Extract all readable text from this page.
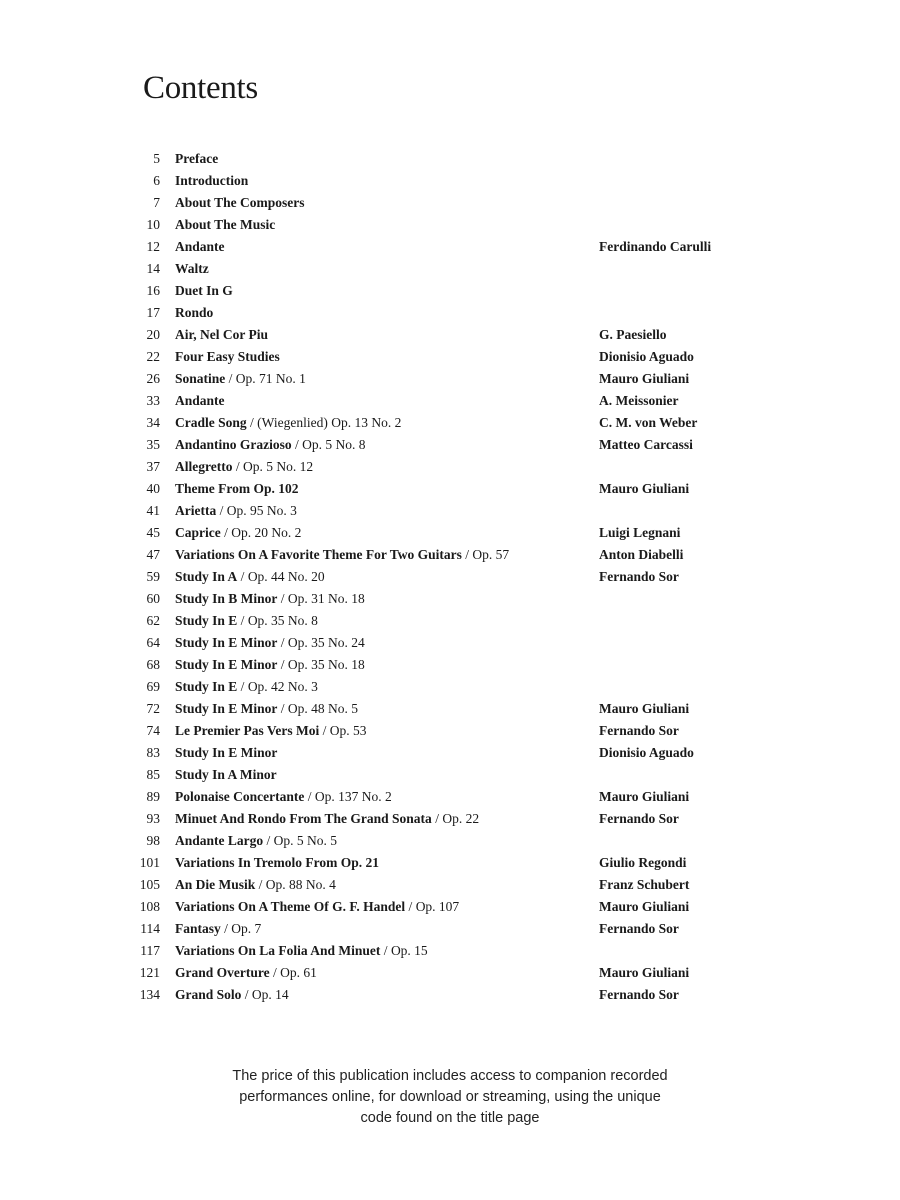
Contents
5 Preface
6 Introduction
7 About The Composers
10 About The Music
12 Andante	Ferdinando Carulli
14 Waltz
16 Duet In G
17 Rondo
20 Air, Nel Cor Piu	G. Paesiello
22 Four Easy Studies	Dionisio Aguado
26 Sonatine / Op. 71 No. 1	Mauro Giuliani
33 Andante	A. Meissonier
34 Cradle Song / (Wiegenlied) Op. 13 No. 2	C. M. von Weber
35 Andantino Grazioso / Op. 5 No. 8	Matteo Carcassi
37 Allegretto / Op. 5 No. 12
40 Theme From Op. 102	Mauro Giuliani
41 Arietta / Op. 95 No. 3
45 Caprice / Op. 20 No. 2	Luigi Legnani
47 Variations On A Favorite Theme For Two Guitars / Op. 57	Anton Diabelli
59 Study In A / Op. 44 No. 20	Fernando Sor
60 Study In B Minor / Op. 31 No. 18
62 Study In E / Op. 35 No. 8
64 Study In E Minor / Op. 35 No. 24
68 Study In E Minor / Op. 35 No. 18
69 Study In E / Op. 42 No. 3
72 Study In E Minor / Op. 48 No. 5	Mauro Giuliani
74 Le Premier Pas Vers Moi / Op. 53	Fernando Sor
83 Study In E Minor	Dionisio Aguado
85 Study In A Minor
89 Polonaise Concertante / Op. 137 No. 2	Mauro Giuliani
93 Minuet And Rondo From The Grand Sonata / Op. 22	Fernando Sor
98 Andante Largo / Op. 5 No. 5
101 Variations In Tremolo From Op. 21	Giulio Regondi
105 An Die Musik / Op. 88 No. 4	Franz Schubert
108 Variations On A Theme Of G. F. Handel / Op. 107	Mauro Giuliani
114 Fantasy / Op. 7	Fernando Sor
117 Variations On La Folia And Minuet / Op. 15
121 Grand Overture / Op. 61	Mauro Giuliani
134 Grand Solo / Op. 14	Fernando Sor
The price of this publication includes access to companion recorded
performances online, for download or streaming, using the unique
code found on the title page
